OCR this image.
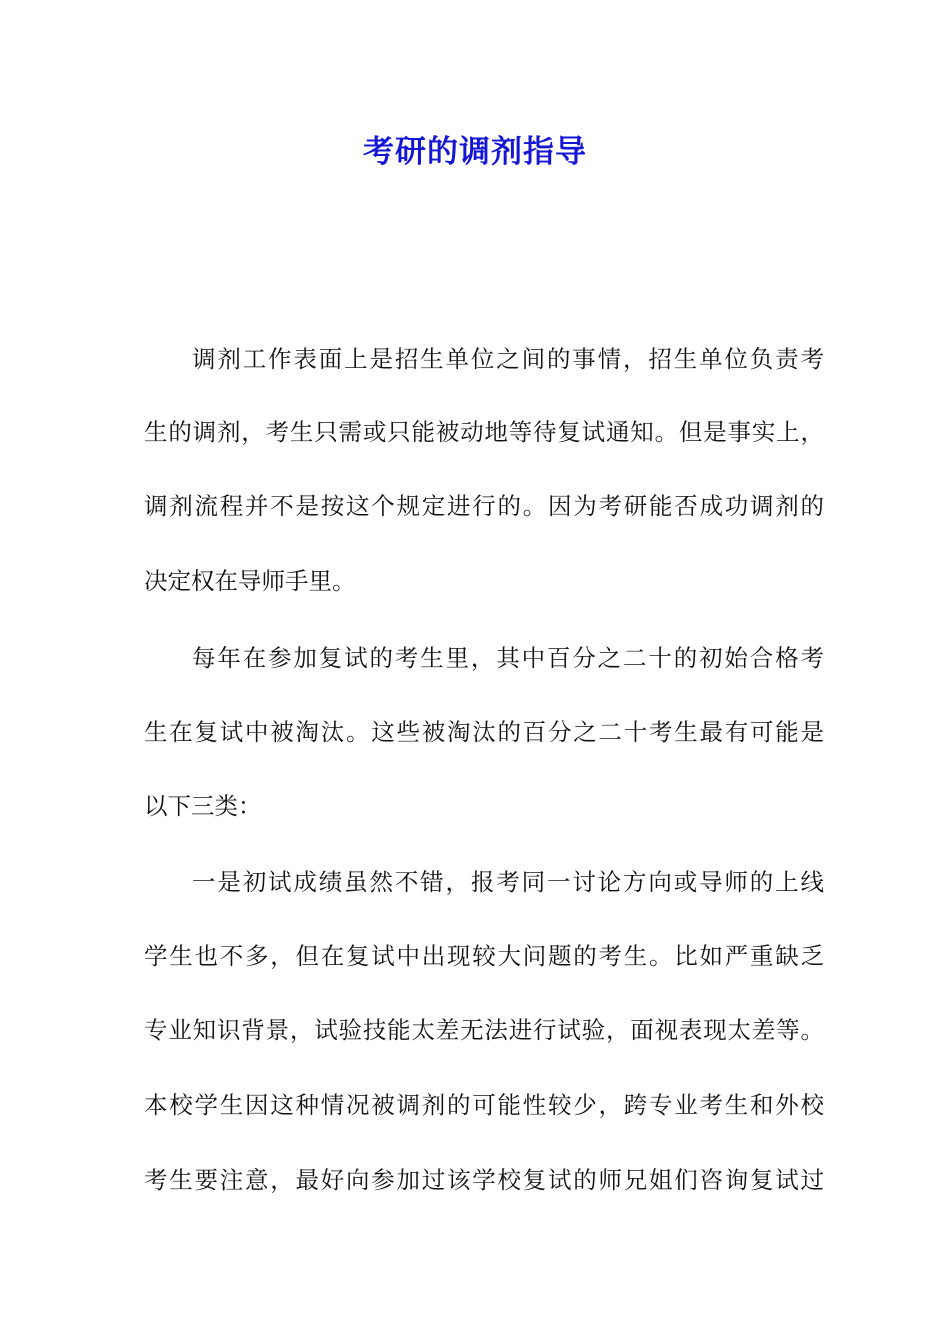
考研的调剂指导
调剂工作表面上是招生单位之间的事情，招生单位负责考
生的调剂，考生只需或只能被动地等待复试通知。但是事实上，
调剂流程并不是按这个规定进行的。因为考研能否成功调剂的
决定权在导师手里。
每年在参加复试的考生里，其中百分之二十的初始合格考
生在复试中被淘汰。这些被淘汰的百分之二十考生最有可能是
以下三类：
一是初试成绩虽然不错，报考同一讨论方向或导师的上线
学生也不多，但在复试中出现较大问题的考生。比如严重缺乏
专业知识背景，试验技能太差无法进行试验，面视表现太差等。
本校学生因这种情况被调剂的可能性较少，跨专业考生和外校
考生要注意，最好向参加过该学校复试的师兄姐们咨询复试过
